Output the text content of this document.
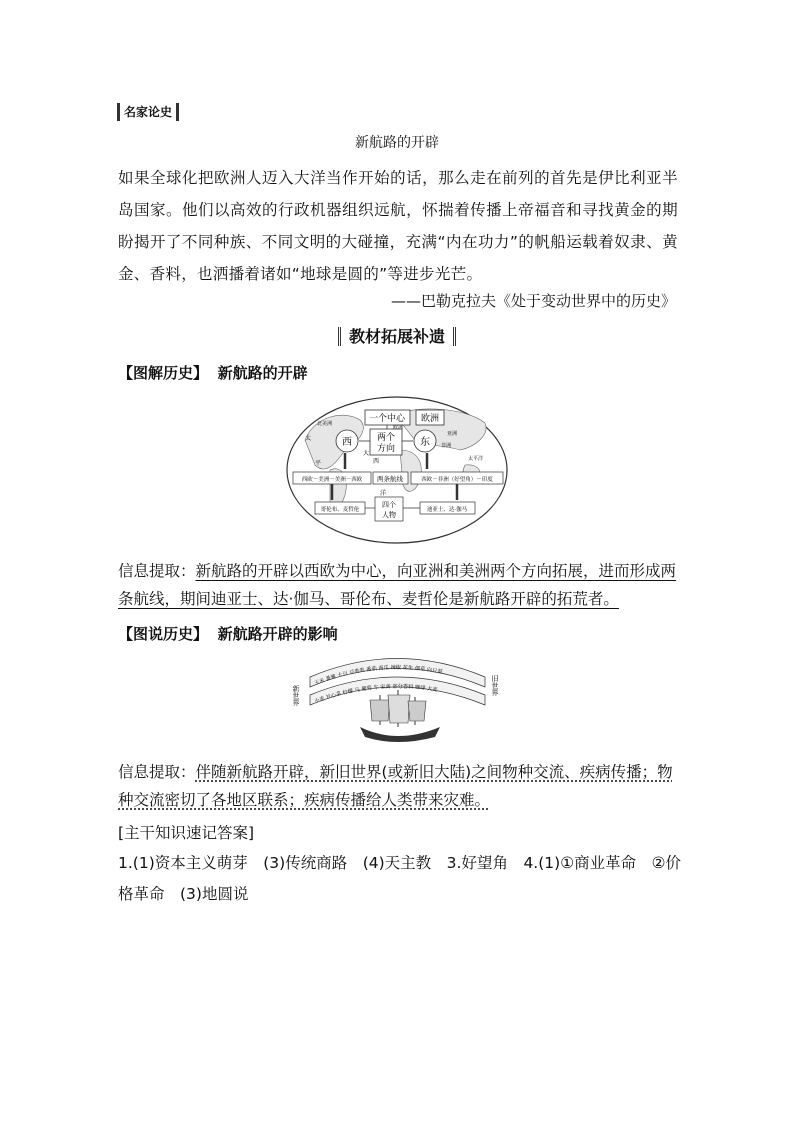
名家论史
新航路的开辟
如果全球化把欧洲人迈入大洋当作开始的话，那么走在前列的首先是伊比利亚半岛国家。他们以高效的行政机器组织远航，怀揣着传播上帝福音和寻找黄金的期盼揭开了不同种族、不同文明的大碰撞，充满“内在功力”的帆船运载着奴隶、黄金、香料，也洒播着诸如“地球是圆的”等进步光芒。
——巴勒克拉夫《处于变动世界中的历史》
教材拓展补遗
【图解历史】 新航路的开辟
一个中心 欧洲
西	东
两个
方向
北美洲
欧洲
亚洲
非洲
太
平
大
西
洋
太平洋
西欧－美洲－美洲－西欧 两条航线	西欧－非洲（好望角）－印度
哥伦布、麦哲伦
四个
人物
迪亚士、达·伽马
信息提取：新航路的开辟以西欧为中心，向亚洲和美洲两个方向拓展，进而形成两条航线，期间迪亚士、达·伽马、哥伦布、麦哲伦是新航路开辟的拓荒者。
【图说历史】 新航路开辟的影响
玉米 番薯 大豆 豆类类 番茄 南瓜 辣椒 花生 烟草 向日葵
小麦 甘心菜 柠檬 马 葡萄 牛 家禽 部分香料 咖啡 大麦
新世界	旧世界
信息提取：伴随新航路开辟，新旧世界(或新旧大陆)之间物种交流、疾病传播；物种交流密切了各地区联系；疾病传播给人类带来灾难。
[主干知识速记答案]
1.(1)资本主义萌芽　(3)传统商路　(4)天主教　3.好望角　4.(1)①商业革命　②价格革命　(3)地圆说
